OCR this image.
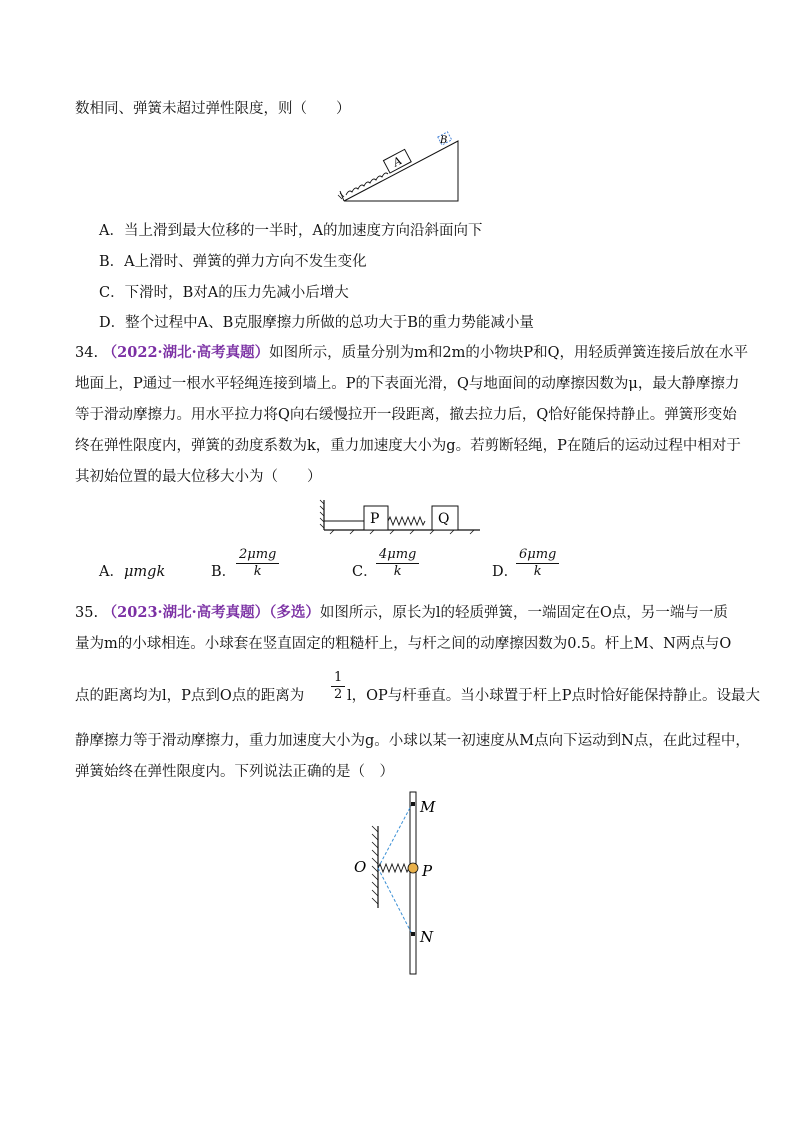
数相同、弹簧未超过弹性限度，则（　　）
A
B
A．当上滑到最大位移的一半时，A的加速度方向沿斜面向下
B．A上滑时、弹簧的弹力方向不发生变化
C．下滑时，B对A的压力先减小后增大
D．整个过程中A、B克服摩擦力所做的总功大于B的重力势能减小量
34. （2022·湖北·高考真题）如图所示，质量分别为m和2m的小物块P和Q，用轻质弹簧连接后放在水平
地面上，P通过一根水平轻绳连接到墙上。P的下表面光滑，Q与地面间的动摩擦因数为μ，最大静摩擦力
等于滑动摩擦力。用水平拉力将Q向右缓慢拉开一段距离，撤去拉力后，Q恰好能保持静止。弹簧形变始
终在弹性限度内，弹簧的劲度系数为k，重力加速度大小为g。若剪断轻绳，P在随后的运动过程中相对于
其初始位置的最大位移大小为（　　）
P	Q
A．μmgk	B．
2μmg
k	C．
4μmg
k	D．
6μmg
k
35. （2023·湖北·高考真题）（多选）如图所示，原长为l的轻质弹簧，一端固定在O点，另一端与一质
量为m的小球相连。小球套在竖直固定的粗糙杆上，与杆之间的动摩擦因数为0.5。杆上M、N两点与O
点的距离均为l，P点到O点的距离为 $\frac{1}{2}$ l，OP与杆垂直。当小球置于杆上P点时恰好能保持静止。设最大
静摩擦力等于滑动摩擦力，重力加速度大小为g。小球以某一初速度从M点向下运动到N点，在此过程中，
弹簧始终在弹性限度内。下列说法正确的是（　）
M
O	P
N
